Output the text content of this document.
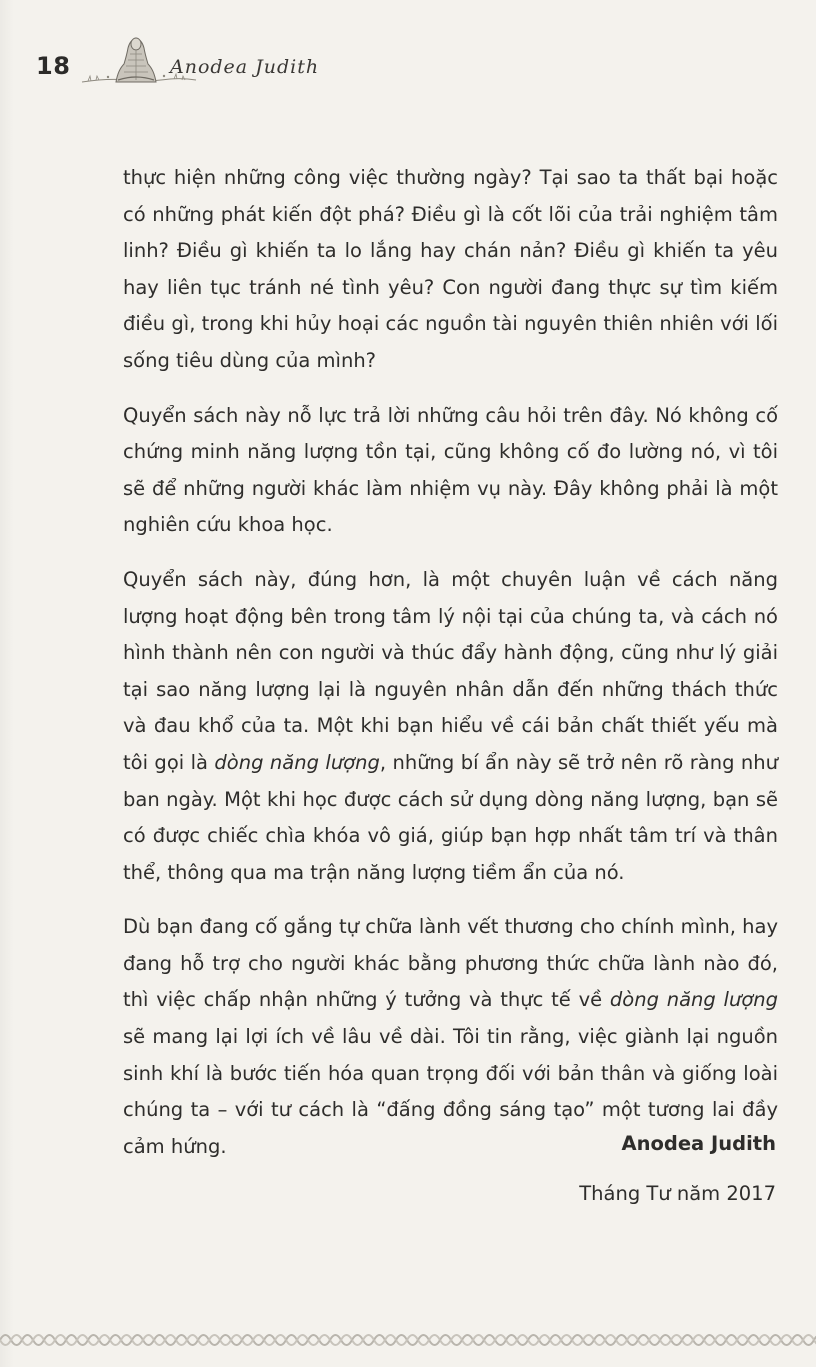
18	Anodea Judith

thực hiện những công việc thường ngày? Tại sao ta thất bại hoặc có những phát kiến đột phá? Điều gì là cốt lõi của trải nghiệm tâm linh? Điều gì khiến ta lo lắng hay chán nản? Điều gì khiến ta yêu hay liên tục tránh né tình yêu? Con người đang thực sự tìm kiếm điều gì, trong khi hủy hoại các nguồn tài nguyên thiên nhiên với lối sống tiêu dùng của mình?

Quyển sách này nỗ lực trả lời những câu hỏi trên đây. Nó không cố chứng minh năng lượng tồn tại, cũng không cố đo lường nó, vì tôi sẽ để những người khác làm nhiệm vụ này. Đây không phải là một nghiên cứu khoa học.

Quyển sách này, đúng hơn, là một chuyên luận về cách năng lượng hoạt động bên trong tâm lý nội tại của chúng ta, và cách nó hình thành nên con người và thúc đẩy hành động, cũng như lý giải tại sao năng lượng lại là nguyên nhân dẫn đến những thách thức và đau khổ của ta. Một khi bạn hiểu về cái bản chất thiết yếu mà tôi gọi là dòng năng lượng, những bí ẩn này sẽ trở nên rõ ràng như ban ngày. Một khi học được cách sử dụng dòng năng lượng, bạn sẽ có được chiếc chìa khóa vô giá, giúp bạn hợp nhất tâm trí và thân thể, thông qua ma trận năng lượng tiềm ẩn của nó.

Dù bạn đang cố gắng tự chữa lành vết thương cho chính mình, hay đang hỗ trợ cho người khác bằng phương thức chữa lành nào đó, thì việc chấp nhận những ý tưởng và thực tế về dòng năng lượng sẽ mang lại lợi ích về lâu về dài. Tôi tin rằng, việc giành lại nguồn sinh khí là bước tiến hóa quan trọng đối với bản thân và giống loài chúng ta – với tư cách là “đấng đồng sáng tạo” một tương lai đầy cảm hứng.	Anodea Judith
Tháng Tư năm 2017
